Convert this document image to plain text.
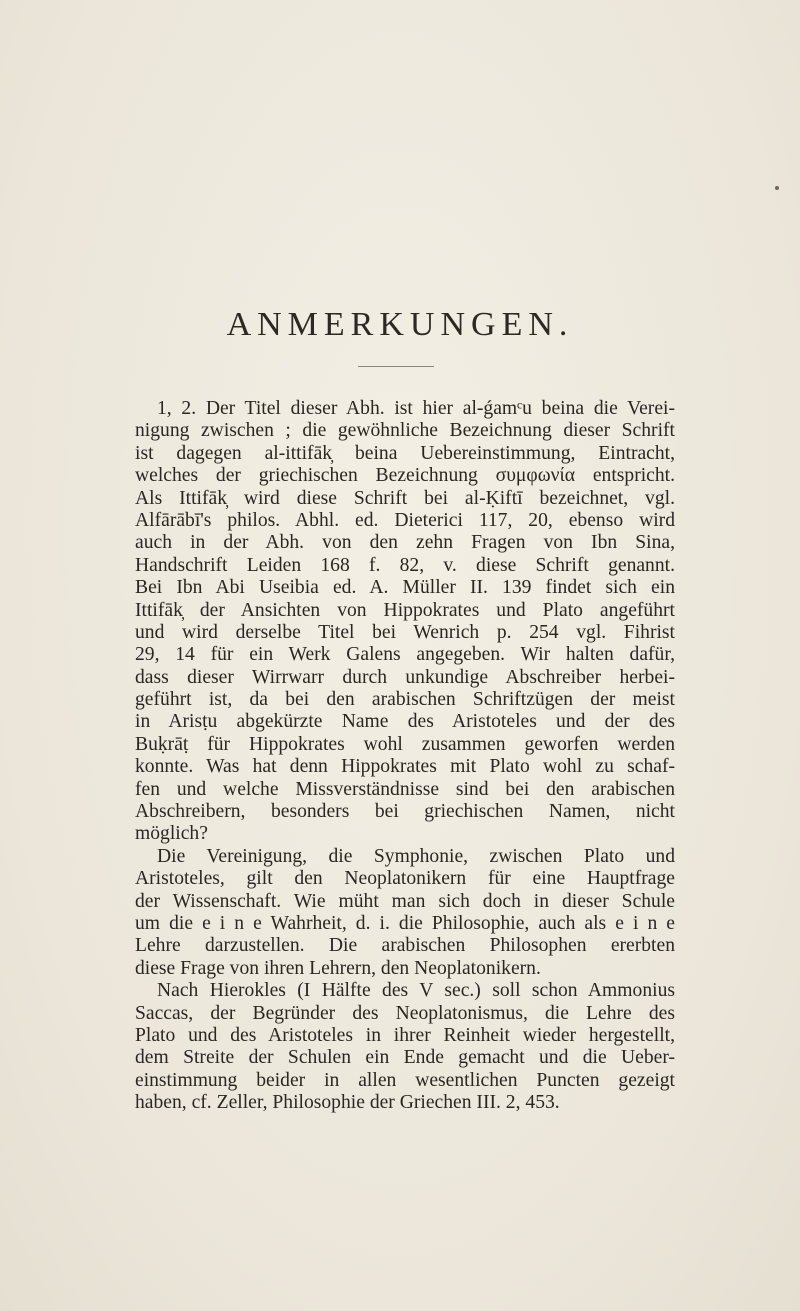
ANMERKUNGEN.
1, 2. Der Titel dieser Abh. ist hier al-ǵamᶜu beina die Verei-
nigung zwischen ; die gewöhnliche Bezeichnung dieser Schrift
ist dagegen al-ittifāk̦ beina Uebereinstimmung, Eintracht,
welches der griechischen Bezeichnung συμφωνία entspricht.
Als Ittifāk̦ wird diese Schrift bei al-Ḳiftī bezeichnet, vgl.
Alfārābī's philos. Abhl. ed. Dieterici 117, 20, ebenso wird
auch in der Abh. von den zehn Fragen von Ibn Sina,
Handschrift Leiden 168 f. 82, v. diese Schrift genannt.
Bei Ibn Abi Useibia ed. A. Müller II. 139 findet sich ein
Ittifāk̦ der Ansichten von Hippokrates und Plato angeführt
und wird derselbe Titel bei Wenrich p. 254 vgl. Fihrist
29, 14 für ein Werk Galens angegeben. Wir halten dafür,
dass dieser Wirrwarr durch unkundige Abschreiber herbei-
geführt ist, da bei den arabischen Schriftzügen der meist
in Arisṭu abgekürzte Name des Aristoteles und der des
Buḳrāṭ für Hippokrates wohl zusammen geworfen werden
konnte. Was hat denn Hippokrates mit Plato wohl zu schaf-
fen und welche Missverständnisse sind bei den arabischen
Abschreibern, besonders bei griechischen Namen, nicht
möglich?
Die Vereinigung, die Symphonie, zwischen Plato und
Aristoteles, gilt den Neoplatonikern für eine Hauptfrage
der Wissenschaft. Wie müht man sich doch in dieser Schule
um die e i n e Wahrheit, d. i. die Philosophie, auch als e i n e
Lehre darzustellen. Die arabischen Philosophen ererbten
diese Frage von ihren Lehrern, den Neoplatonikern.
Nach Hierokles (I Hälfte des V sec.) soll schon Ammonius
Saccas, der Begründer des Neoplatonismus, die Lehre des
Plato und des Aristoteles in ihrer Reinheit wieder hergestellt,
dem Streite der Schulen ein Ende gemacht und die Ueber-
einstimmung beider in allen wesentlichen Puncten gezeigt
haben, cf. Zeller, Philosophie der Griechen III. 2, 453.
